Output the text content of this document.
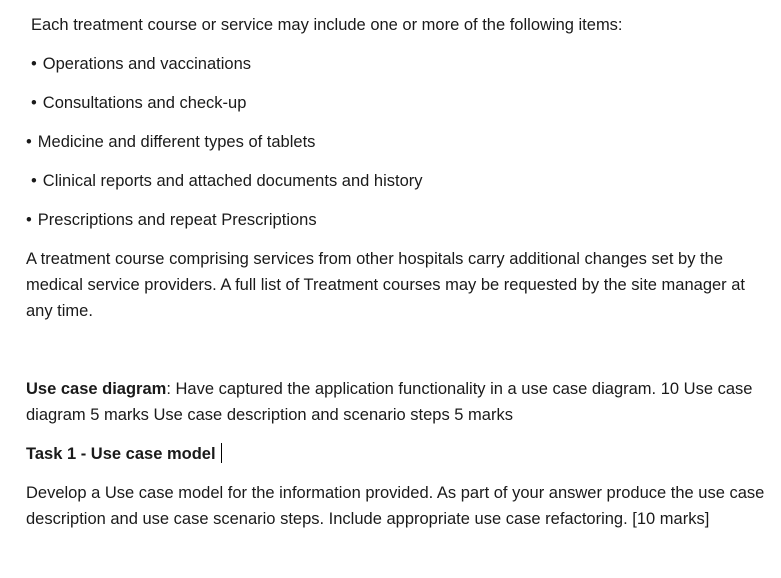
Each treatment course or service may include one or more of the following items:
• Operations and vaccinations
• Consultations and check-up
• Medicine and different types of tablets
• Clinical reports and attached documents and history
• Prescriptions and repeat Prescriptions
A treatment course comprising services from other hospitals carry additional changes set by the medical service providers. A full list of Treatment courses may be requested by the site manager at any time.
Use case diagram: Have captured the application functionality in a use case diagram. 10 Use case diagram 5 marks Use case description and scenario steps 5 marks
Task 1 - Use case model
Develop a Use case model for the information provided. As part of your answer produce the use case description and use case scenario steps. Include appropriate use case refactoring. [10 marks]
